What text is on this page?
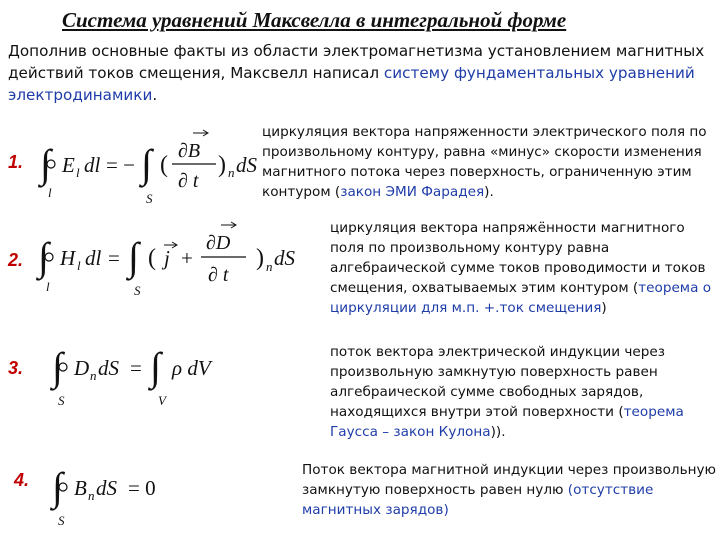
Система уравнений Максвелла в интегральной форме
Дополнив основные факты из области электромагнетизма установлением магнитных действий токов смещения, Максвелл написал систему фундаментальных уравнений электродинамики.
1. ∫
l
E l dl = − ∫
S
(
∂B
∂ t
) n dS
циркуляция вектора напряженности электрического поля по произвольному контуру, равна «минус» скорости изменения магнитного потока через поверхность, ограниченную этим контуром (закон ЭМИ Фарадея).
2. ∫
l
H l dl = ∫
S
( j +
∂D
∂ t
) n dS
циркуляция вектора напряжённости магнитного поля по произвольному контуру равна алгебраической сумме токов проводимости и токов смещения, охватываемых этим контуром (теорема о циркуляции для м.п. +.ток смещения)
3. ∫
S
D n dS = ∫
V
ρ dV
поток вектора электрической индукции через произвольную замкнутую поверхность равен алгебраической сумме свободных зарядов, находящихся внутри этой поверхности (теорема Гаусса – закон Кулона)).
4. ∫
S
B n dS = 0
Поток вектора магнитной индукции через произвольную замкнутую поверхность равен нулю (отсутствие магнитных зарядов)
